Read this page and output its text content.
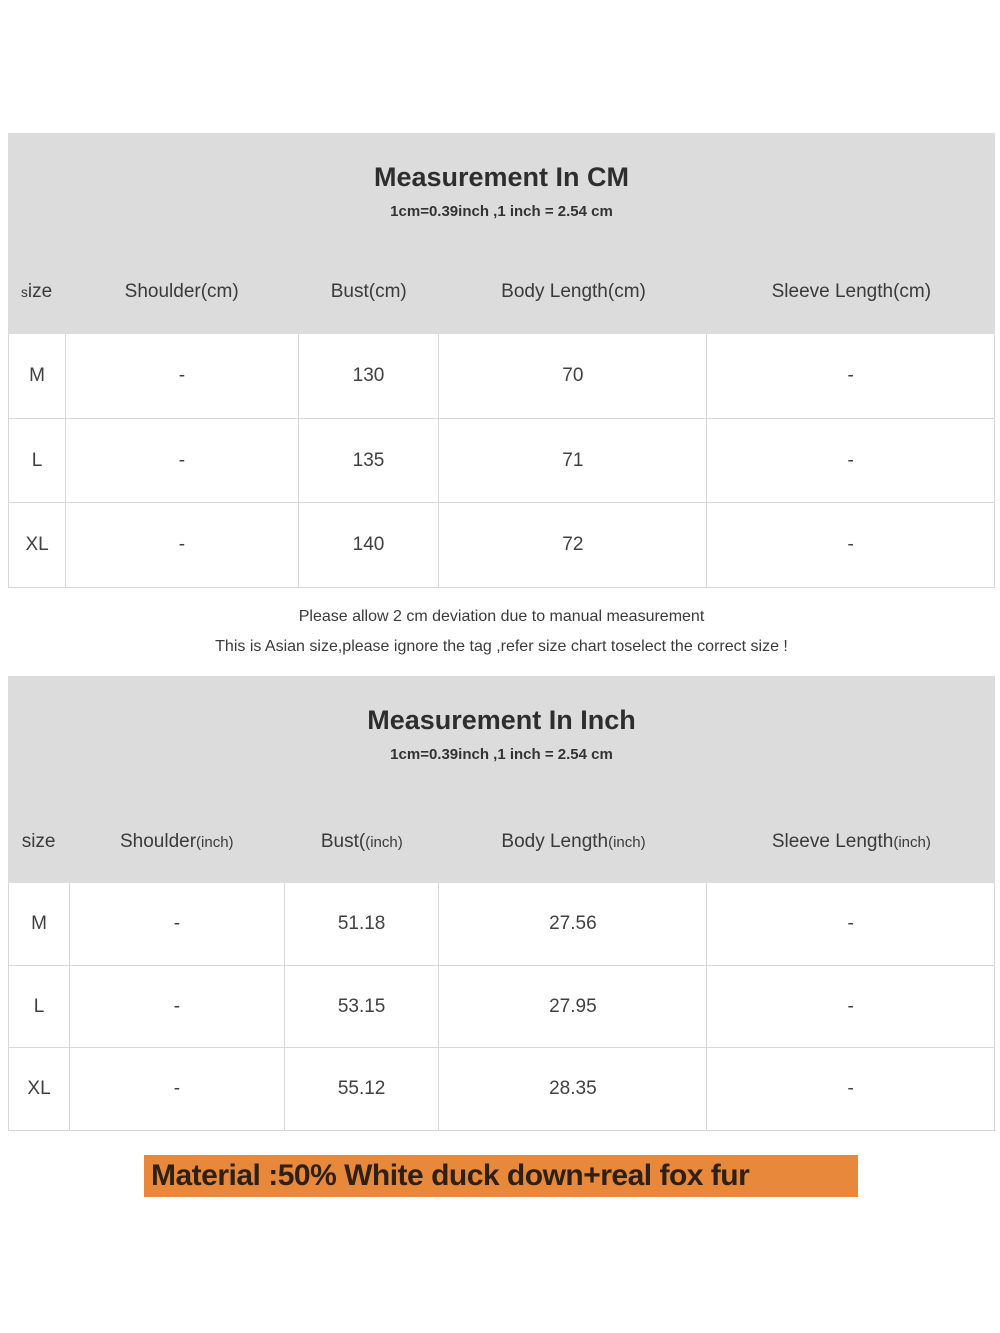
Measurement In CM
1cm=0.39inch ,1 inch = 2.54 cm
size	Shoulder(cm)	Bust(cm)	Body Length(cm)	Sleeve Length(cm)
M	-	130	70	-
L	-	135	71	-
XL	-	140	72	-
Please allow 2 cm deviation due to manual measurement
This is Asian size,please ignore the tag ,refer size chart toselect the correct size !
Measurement In Inch
1cm=0.39inch ,1 inch = 2.54 cm
size	Shoulder (inch)	Bust( (inch)	Body Length (inch)	Sleeve Length (inch)
M	-	51.18	27.56	-
L	-	53.15	27.95	-
XL	-	55.12	28.35	-
Material :50% White duck down+real fox fur
